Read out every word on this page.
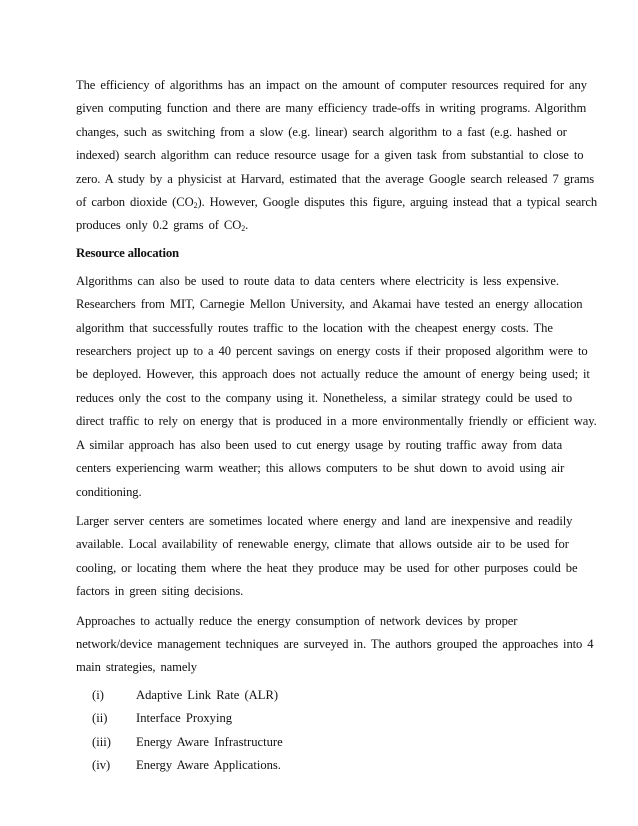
The efficiency of algorithms has an impact on the amount of computer resources required for any given computing function and there are many efficiency trade-offs in writing programs. Algorithm changes, such as switching from a slow (e.g. linear) search algorithm to a fast (e.g. hashed or indexed) search algorithm can reduce resource usage for a given task from substantial to close to zero. A study by a physicist at Harvard, estimated that the average Google search released 7 grams of carbon dioxide $(CO_2)$. However, Google disputes this figure, arguing instead that a typical search produces only 0.2 grams of $CO_2$.

Resource allocation

Algorithms can also be used to route data to data centers where electricity is less expensive. Researchers from MIT, Carnegie Mellon University, and Akamai have tested an energy allocation algorithm that successfully routes traffic to the location with the cheapest energy costs. The researchers project up to a 40 percent savings on energy costs if their proposed algorithm were to be deployed. However, this approach does not actually reduce the amount of energy being used; it reduces only the cost to the company using it. Nonetheless, a similar strategy could be used to direct traffic to rely on energy that is produced in a more environmentally friendly or efficient way. A similar approach has also been used to cut energy usage by routing traffic away from data centers experiencing warm weather; this allows computers to be shut down to avoid using air conditioning.

Larger server centers are sometimes located where energy and land are inexpensive and readily available. Local availability of renewable energy, climate that allows outside air to be used for cooling, or locating them where the heat they produce may be used for other purposes could be factors in green siting decisions.

Approaches to actually reduce the energy consumption of network devices by proper network/device management techniques are surveyed in. The authors grouped the approaches into 4 main strategies, namely

(i)	Adaptive Link Rate (ALR)
(ii)	Interface Proxying
(iii)	Energy Aware Infrastructure
(iv)	Energy Aware Applications.
